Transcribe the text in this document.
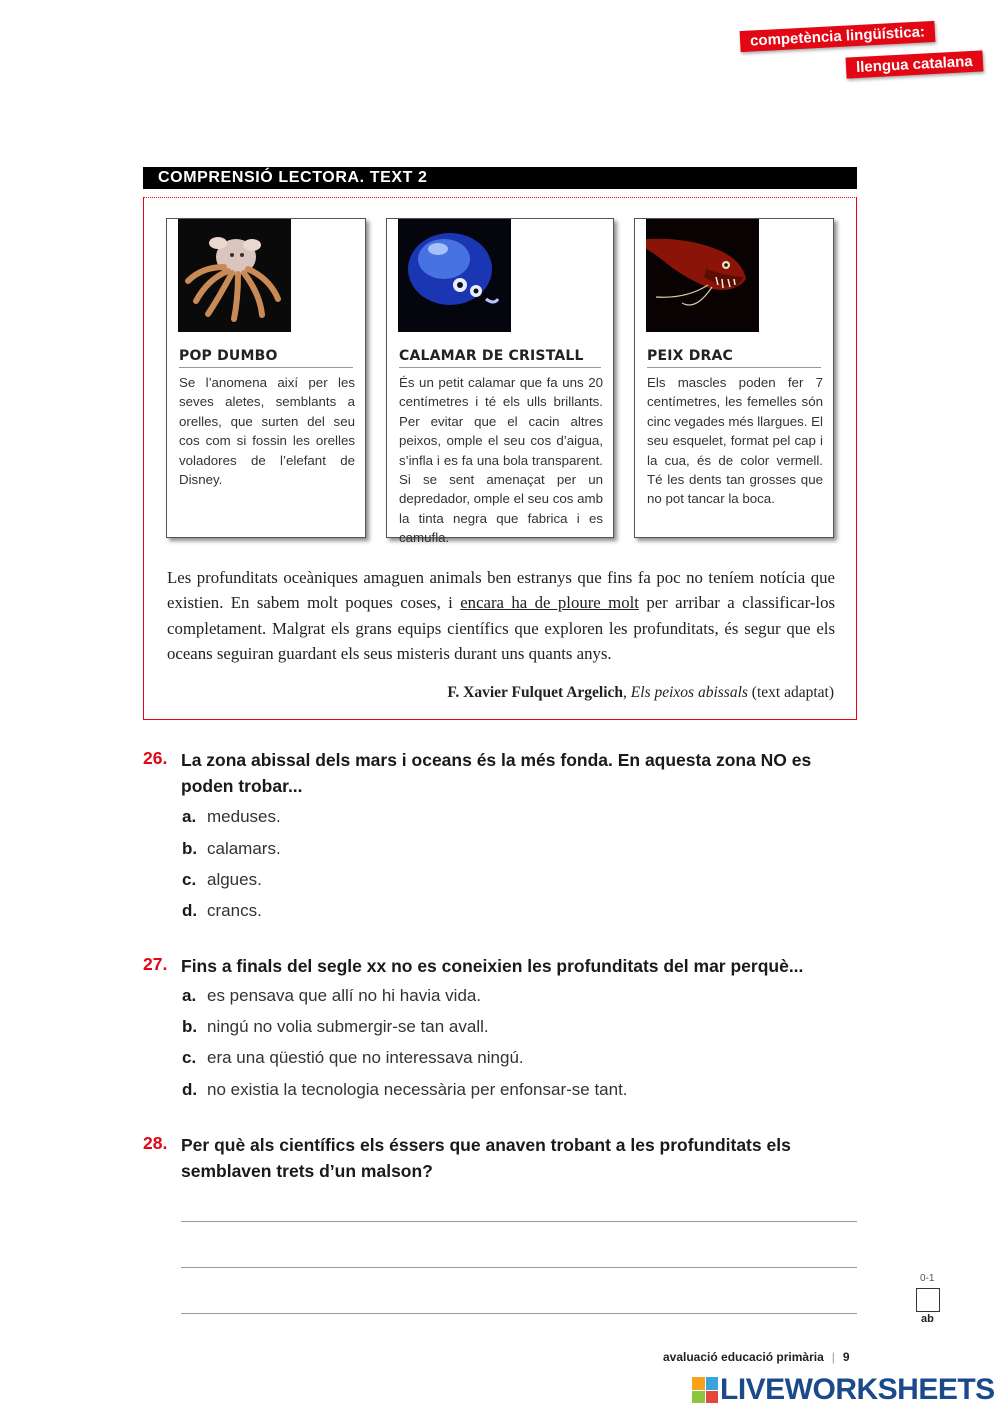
competència lingüística:
llengua catalana
COMPRENSIÓ LECTORA. TEXT 2
POP DUMBO
Se l’anomena així per les seves aletes, semblants a orelles, que surten del seu cos com si fossin les orelles voladores de l’elefant de Disney.
CALAMAR DE CRISTALL
És un petit calamar que fa uns 20 centímetres i té els ulls brillants. Per evitar que el cacin altres peixos, omple el seu cos d’aigua, s’infla i es fa una bola transparent. Si se sent amenaçat per un depredador, omple el seu cos amb la tinta negra que fabrica i es camufla.
PEIX DRAC
Els mascles poden fer 7 centímetres, les femelles són cinc vegades més llargues. El seu esquelet, format pel cap i la cua, és de color vermell. Té les dents tan grosses que no pot tancar la boca.
Les profunditats oceàniques amaguen animals ben estranys que fins fa poc no teníem notícia que existien. En sabem molt poques coses, i encara ha de ploure molt per arribar a classificar-los completament. Malgrat els grans equips científics que exploren les profunditats, és segur que els oceans seguiran guardant els seus misteris durant uns quants anys.
F. Xavier Fulquet Argelich, Els peixos abissals (text adaptat)
26. La zona abissal dels mars i oceans és la més fonda. En aquesta zona NO es poden trobar...
a. meduses.
b. calamars.
c. algues.
d. crancs.
27. Fins a finals del segle xx no es coneixien les profunditats del mar perquè...
a. es pensava que allí no hi havia vida.
b. ningú no volia submergir-se tan avall.
c. era una qüestió que no interessava ningú.
d. no existia la tecnologia necessària per enfonsar-se tant.
28. Per què als científics els éssers que anaven trobant a les profunditats els semblaven trets d’un malson?
0-1
ab
avaluació educació primària | 9
LIVEWORKSHEETS
